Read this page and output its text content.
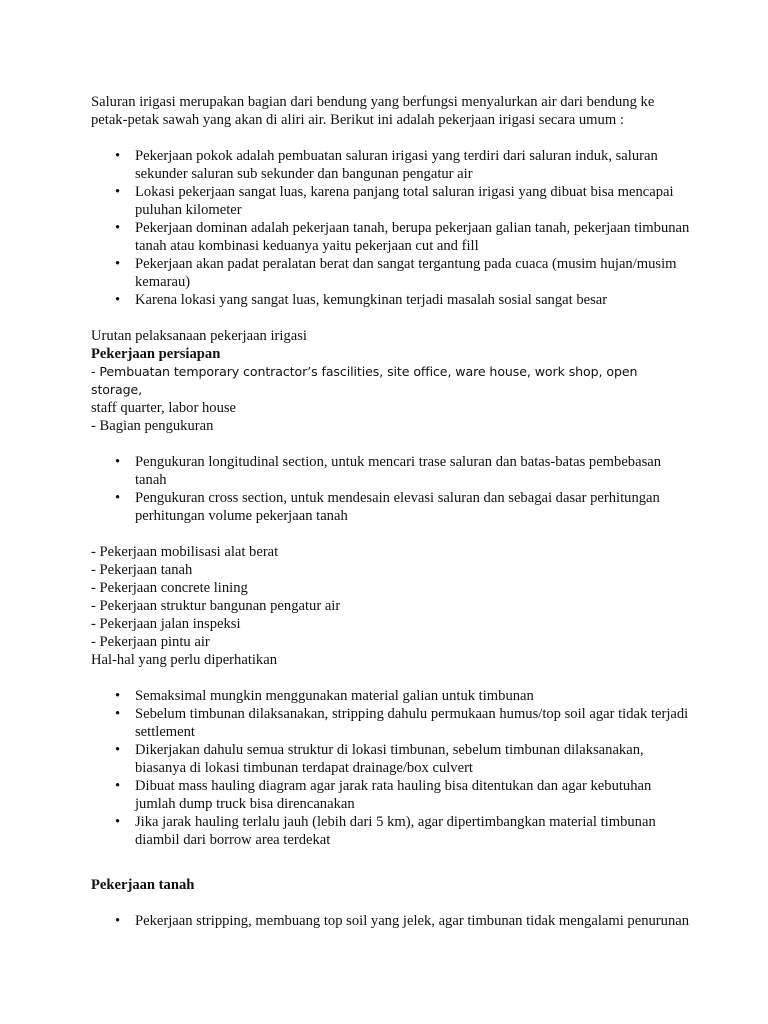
Saluran irigasi merupakan bagian dari bendung yang berfungsi menyalurkan air dari bendung ke petak-petak sawah yang akan di aliri air. Berikut ini adalah pekerjaan irigasi secara umum :

• Pekerjaan pokok adalah pembuatan saluran irigasi yang terdiri dari saluran induk, saluran sekunder saluran sub sekunder dan bangunan pengatur air
• Lokasi pekerjaan sangat luas, karena panjang total saluran irigasi yang dibuat bisa mencapai puluhan kilometer
• Pekerjaan dominan adalah pekerjaan tanah, berupa pekerjaan galian tanah, pekerjaan timbunan tanah atau kombinasi keduanya yaitu pekerjaan cut and fill
• Pekerjaan akan padat peralatan berat dan sangat tergantung pada cuaca (musim hujan/musim kemarau)
• Karena lokasi yang sangat luas, kemungkinan terjadi masalah sosial sangat besar

Urutan pelaksanaan pekerjaan irigasi

Pekerjaan persiapan

- Pembuatan temporary contractor’s fascilities, site office, ware house, work shop, open storage,

staff quarter, labor house

- Bagian pengukuran

• Pengukuran longitudinal section, untuk mencari trase saluran dan batas-batas pembebasan tanah
• Pengukuran cross section, untuk mendesain elevasi saluran dan sebagai dasar perhitungan perhitungan volume pekerjaan tanah

- Pekerjaan mobilisasi alat berat

- Pekerjaan tanah

- Pekerjaan concrete lining

- Pekerjaan struktur bangunan pengatur air

- Pekerjaan jalan inspeksi

- Pekerjaan pintu air

Hal-hal yang perlu diperhatikan

• Semaksimal mungkin menggunakan material galian untuk timbunan
• Sebelum timbunan dilaksanakan, stripping dahulu permukaan humus/top soil agar tidak terjadi settlement
• Dikerjakan dahulu semua struktur di lokasi timbunan, sebelum timbunan dilaksanakan, biasanya di lokasi timbunan terdapat drainage/box culvert
• Dibuat mass hauling diagram agar jarak rata hauling bisa ditentukan dan agar kebutuhan jumlah dump truck bisa direncanakan
• Jika jarak hauling terlalu jauh (lebih dari 5 km), agar dipertimbangkan material timbunan diambil dari borrow area terdekat

Pekerjaan tanah

• Pekerjaan stripping, membuang top soil yang jelek, agar timbunan tidak mengalami penurunan
